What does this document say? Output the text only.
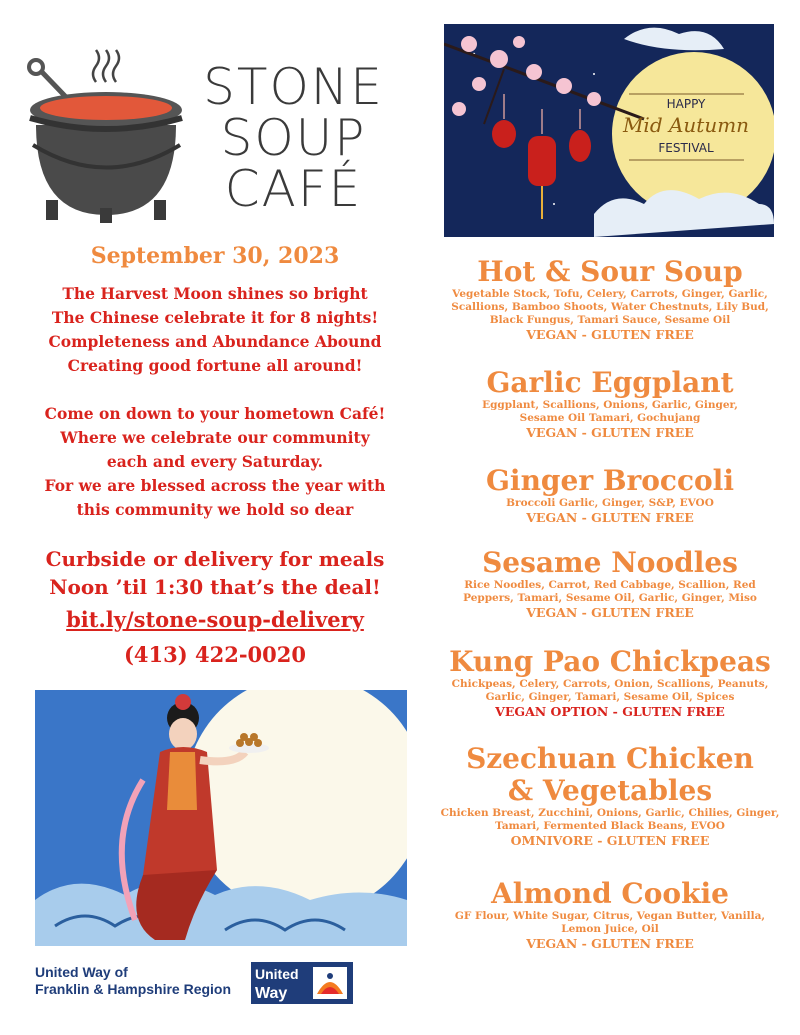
STONE
SOUP
CAFÉ
HAPPY
Mid Autumn
FESTIVAL
September 30, 2023
The Harvest Moon shines so bright
The Chinese celebrate it for 8 nights!
Completeness and Abundance Abound
Creating good fortune all around!
Come on down to your hometown Café!
Where we celebrate our community
each and every Saturday.
For we are blessed across the year with
this community we hold so dear
Curbside or delivery for meals
Noon ’til 1:30 that’s the deal!
bit.ly/stone-soup-delivery
(413) 422-0020
Hot & Sour Soup
Vegetable Stock, Tofu, Celery, Carrots, Ginger, Garlic,
Scallions, Bamboo Shoots, Water Chestnuts, Lily Bud,
Black Fungus, Tamari Sauce, Sesame Oil
VEGAN - GLUTEN FREE
Garlic Eggplant
Eggplant, Scallions, Onions, Garlic, Ginger,
Sesame Oil Tamari, Gochujang
VEGAN - GLUTEN FREE
Ginger Broccoli
Broccoli Garlic, Ginger, S&P, EVOO
VEGAN - GLUTEN FREE
Sesame Noodles
Rice Noodles, Carrot, Red Cabbage, Scallion, Red
Peppers, Tamari, Sesame Oil, Garlic, Ginger, Miso
VEGAN - GLUTEN FREE
Kung Pao Chickpeas
Chickpeas, Celery, Carrots, Onion, Scallions, Peanuts,
Garlic, Ginger, Tamari, Sesame Oil, Spices
VEGAN OPTION - GLUTEN FREE
Szechuan Chicken
& Vegetables
Chicken Breast, Zucchini, Onions, Garlic, Chilies, Ginger,
Tamari, Fermented Black Beans, EVOO
OMNIVORE - GLUTEN FREE
Almond Cookie
GF Flour, White Sugar, Citrus, Vegan Butter, Vanilla,
Lemon Juice, Oil
VEGAN - GLUTEN FREE
United Way of
Franklin & Hampshire Region
United
Way
